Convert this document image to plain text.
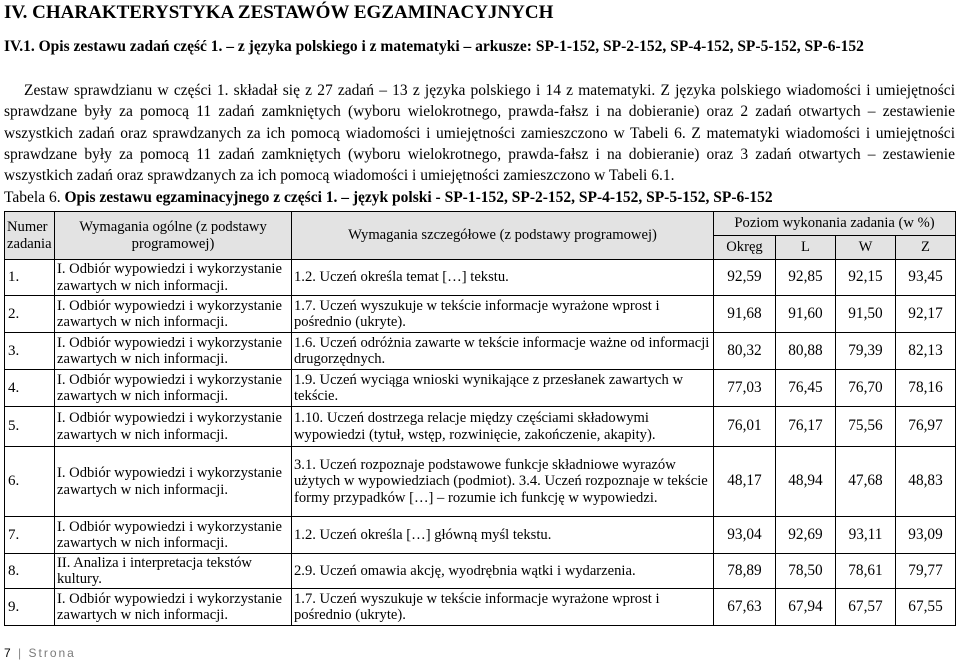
IV. CHARAKTERYSTYKA ZESTAWÓW EGZAMINACYJNYCH
IV.1. Opis zestawu zadań część 1. – z języka polskiego i z matematyki – arkusze: SP-1-152, SP-2-152, SP-4-152, SP-5-152, SP-6-152
Zestaw sprawdzianu w części 1. składał się z 27 zadań – 13 z języka polskiego i 14 z matematyki. Z języka polskiego wiadomości i umiejętności sprawdzane były za pomocą 11 zadań zamkniętych (wyboru wielokrotnego, prawda-fałsz i na dobieranie) oraz 2 zadań otwartych – zestawienie wszystkich zadań oraz sprawdzanych za ich pomocą wiadomości i umiejętności zamieszczono w Tabeli 6. Z matematyki wiadomości i umiejętności sprawdzane były za pomocą 11 zadań zamkniętych (wyboru wielokrotnego, prawda-fałsz i na dobieranie) oraz 3 zadań otwartych – zestawienie wszystkich zadań oraz sprawdzanych za ich pomocą wiadomości i umiejętności zamieszczono w Tabeli 6.1.
Tabela 6. Opis zestawu egzaminacyjnego z części 1. – język polski - SP-1-152, SP-2-152, SP-4-152, SP-5-152, SP-6-152
Numer zadania	Wymagania ogólne (z podstawy programowej)	Wymagania szczegółowe (z podstawy programowej)	Poziom wykonania zadania (w %)			
			Okręg	L	W	Z
1.	I. Odbiór wypowiedzi i wykorzystanie zawartych w nich informacji.	1.2. Uczeń określa temat […] tekstu.	92,59	92,85	92,15	93,45
2.	I. Odbiór wypowiedzi i wykorzystanie zawartych w nich informacji.	1.7. Uczeń wyszukuje w tekście informacje wyrażone wprost i pośrednio (ukryte).	91,68	91,60	91,50	92,17
3.	I. Odbiór wypowiedzi i wykorzystanie zawartych w nich informacji.	1.6. Uczeń odróżnia zawarte w tekście informacje ważne od informacji drugorzędnych.	80,32	80,88	79,39	82,13
4.	I. Odbiór wypowiedzi i wykorzystanie zawartych w nich informacji.	1.9. Uczeń wyciąga wnioski wynikające z przesłanek zawartych w tekście.	77,03	76,45	76,70	78,16
5.	I. Odbiór wypowiedzi i wykorzystanie zawartych w nich informacji.	1.10. Uczeń dostrzega relacje między częściami składowymi wypowiedzi (tytuł, wstęp, rozwinięcie, zakończenie, akapity).	76,01	76,17	75,56	76,97
6.	I. Odbiór wypowiedzi i wykorzystanie zawartych w nich informacji.	3.1. Uczeń rozpoznaje podstawowe funkcje składniowe wyrazów użytych w wypowiedziach (podmiot). 3.4. Uczeń rozpoznaje w tekście formy przypadków […] – rozumie ich funkcję w wypowiedzi.	48,17	48,94	47,68	48,83
7.	I. Odbiór wypowiedzi i wykorzystanie zawartych w nich informacji.	1.2. Uczeń określa […] główną myśl tekstu.	93,04	92,69	93,11	93,09
8.	II. Analiza i interpretacja tekstów kultury.	2.9. Uczeń omawia akcję, wyodrębnia wątki i wydarzenia.	78,89	78,50	78,61	79,77
9.	I. Odbiór wypowiedzi i wykorzystanie zawartych w nich informacji.	1.7. Uczeń wyszukuje w tekście informacje wyrażone wprost i pośrednio (ukryte).	67,63	67,94	67,57	67,55
7 | Strona
